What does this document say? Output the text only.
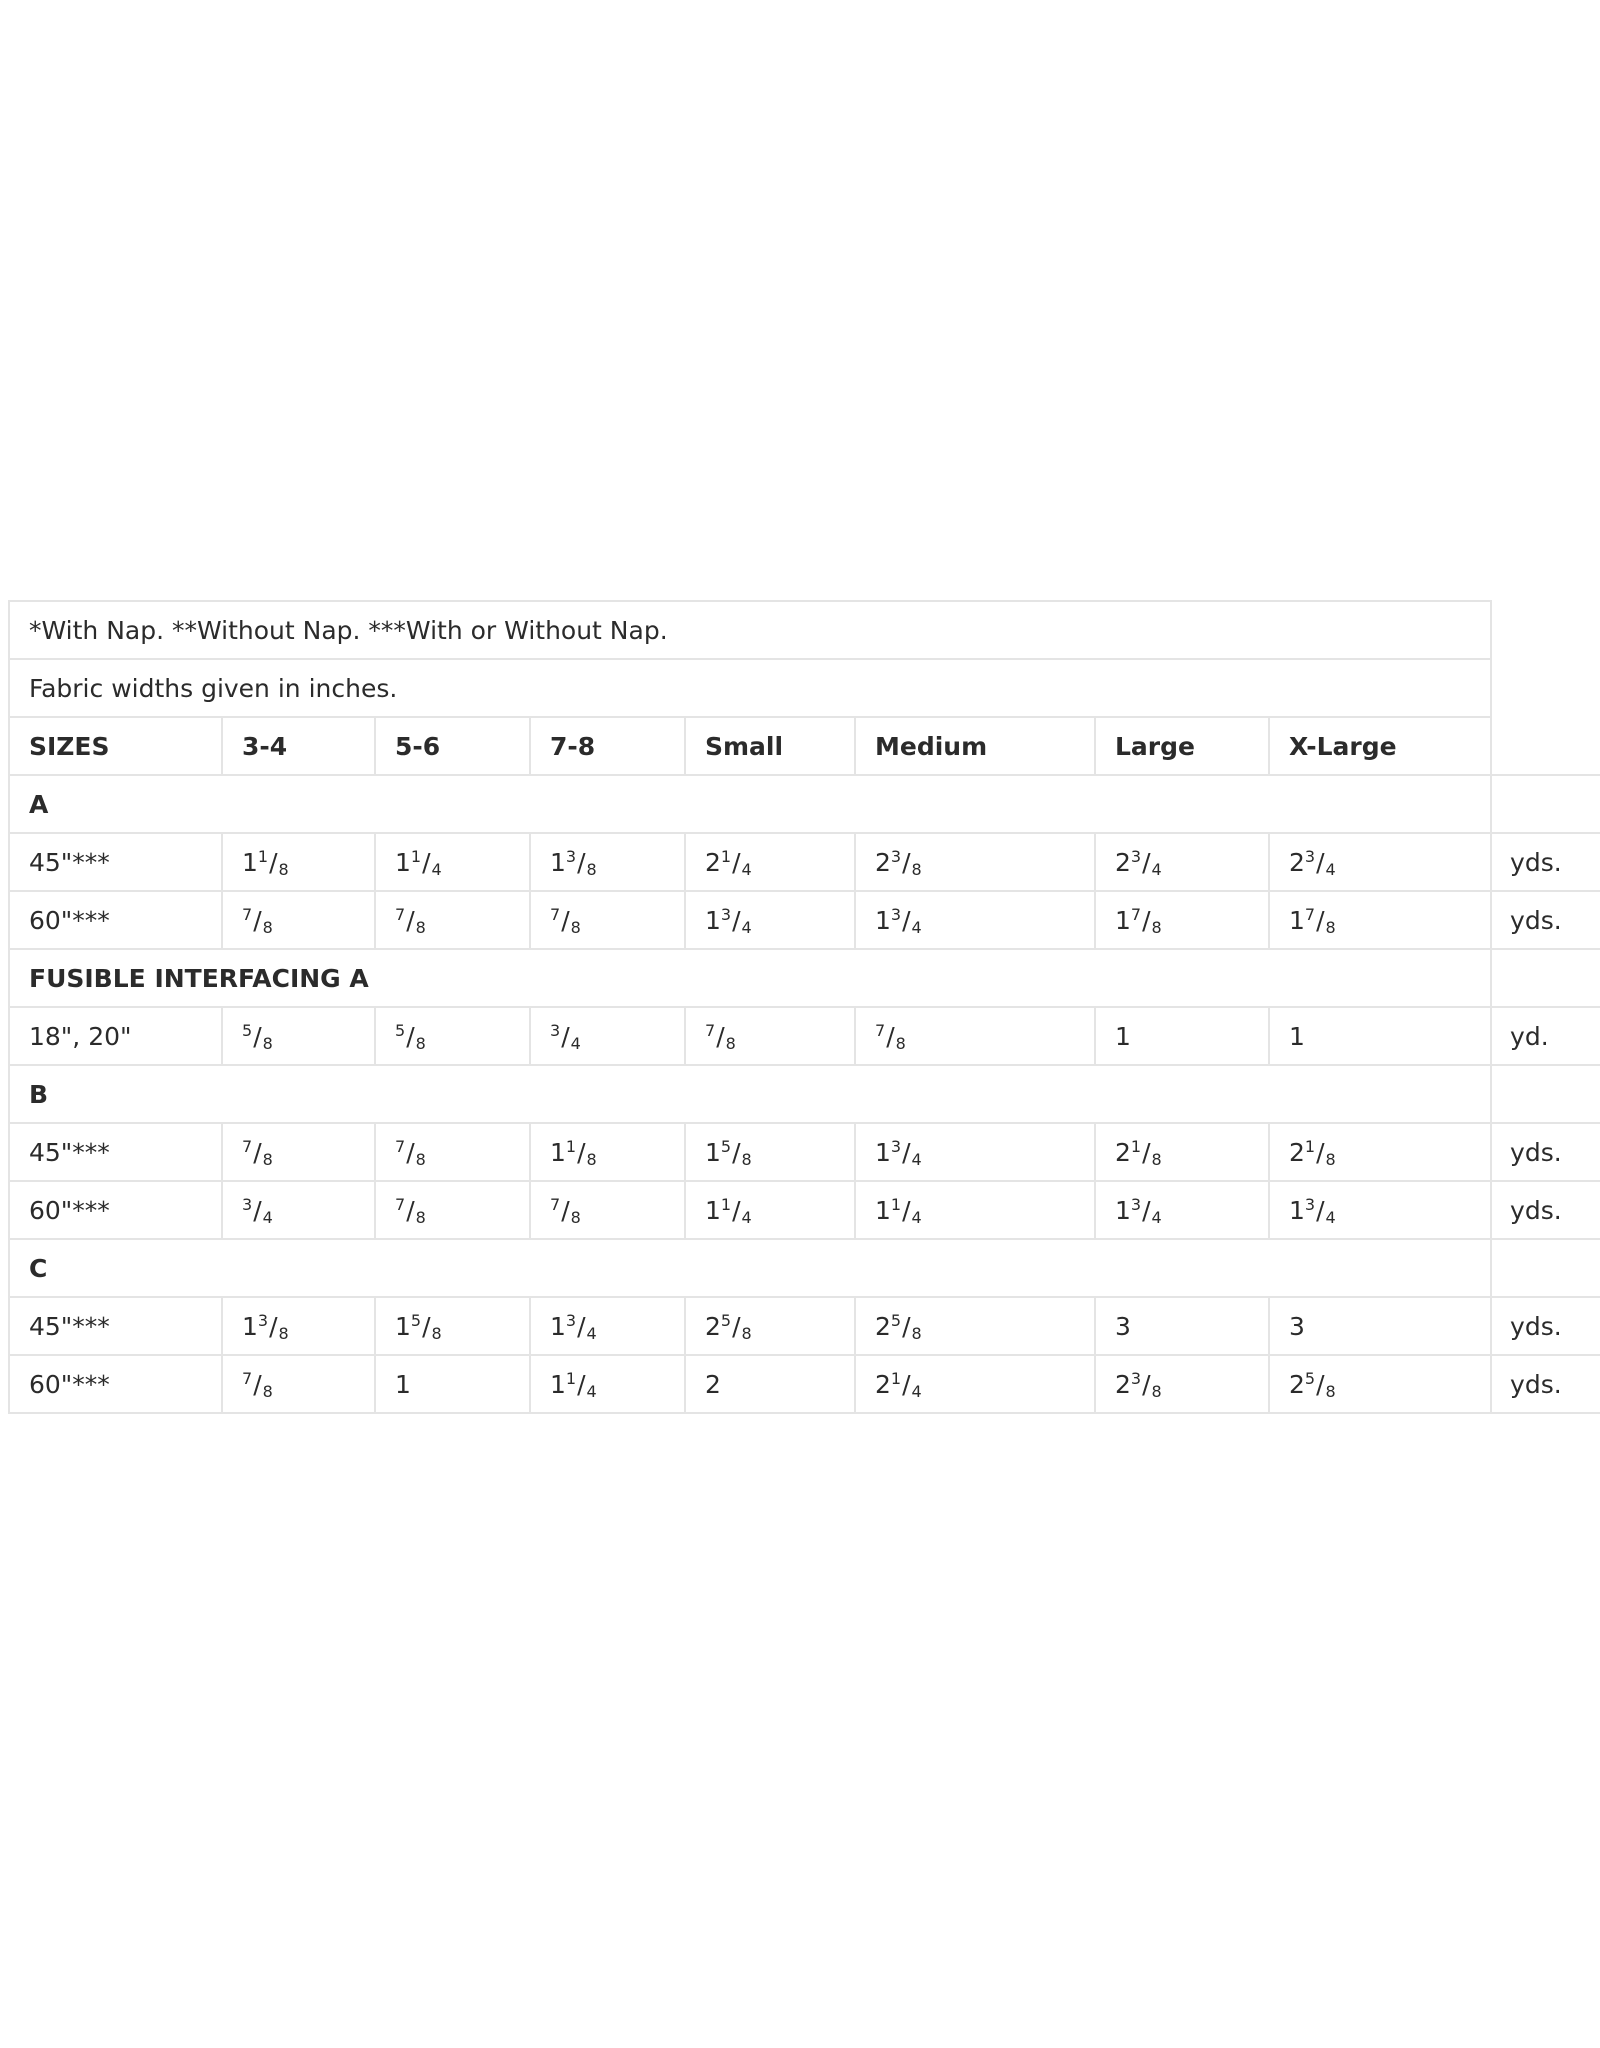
*With Nap. **Without Nap. ***With or Without Nap.								
Fabric widths given in inches.								
SIZES	3-4	5-6	7-8	Small	Medium	Large	X-Large	
A								
45"***	$1^1/_8$	$1^1/_4$	$1^3/_8$	$2^1/_4$	$2^3/_8$	$2^3/_4$	$2^3/_4$	yds.
60"***	$^7/_8$	$^7/_8$	$^7/_8$	$1^3/_4$	$1^3/_4$	$1^7/_8$	$1^7/_8$	yds.
FUSIBLE INTERFACING A								
18", 20"	$^5/_8$	$^5/_8$	$^3/_4$	$^7/_8$	$^7/_8$	1	1	yd.
B								
45"***	$^7/_8$	$^7/_8$	$1^1/_8$	$1^5/_8$	$1^3/_4$	$2^1/_8$	$2^1/_8$	yds.
60"***	$^3/_4$	$^7/_8$	$^7/_8$	$1^1/_4$	$1^1/_4$	$1^3/_4$	$1^3/_4$	yds.
C								
45"***	$1^3/_8$	$1^5/_8$	$1^3/_4$	$2^5/_8$	$2^5/_8$	3	3	yds.
60"***	$^7/_8$	1	$1^1/_4$	2	$2^1/_4$	$2^3/_8$	$2^5/_8$	yds.
